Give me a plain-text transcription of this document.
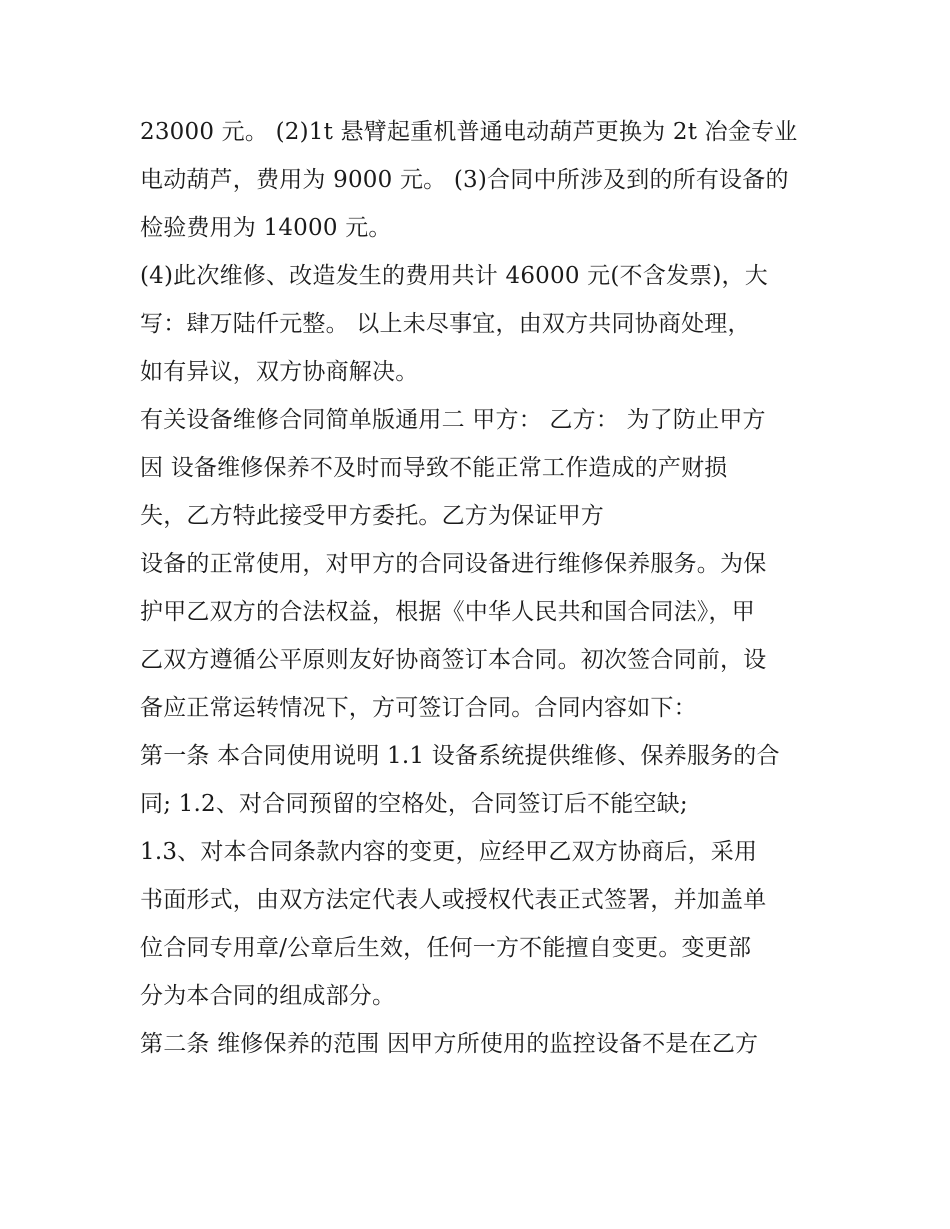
23000 元。 (2)1t 悬臂起重机普通电动葫芦更换为 2t 冶金专业
电动葫芦，费用为 9000 元。 (3)合同中所涉及到的所有设备的
检验费用为 14000 元。
(4)此次维修、改造发生的费用共计 46000 元(不含发票)，大
写：肆万陆仟元整。 以上未尽事宜，由双方共同协商处理，
如有异议，双方协商解决。
有关设备维修合同简单版通用二 甲方： 乙方： 为了防止甲方
因 设备维修保养不及时而导致不能正常工作造成的产财损
失，乙方特此接受甲方委托。乙方为保证甲方
设备的正常使用，对甲方的合同设备进行维修保养服务。为保
护甲乙双方的合法权益，根据《中华人民共和国合同法》，甲
乙双方遵循公平原则友好协商签订本合同。初次签合同前，设
备应正常运转情况下，方可签订合同。合同内容如下：
第一条 本合同使用说明 1.1 设备系统提供维修、保养服务的合
同; 1.2、对合同预留的空格处，合同签订后不能空缺;
1.3、对本合同条款内容的变更，应经甲乙双方协商后，采用
书面形式，由双方法定代表人或授权代表正式签署，并加盖单
位合同专用章/公章后生效，任何一方不能擅自变更。变更部
分为本合同的组成部分。
第二条 维修保养的范围 因甲方所使用的监控设备不是在乙方
